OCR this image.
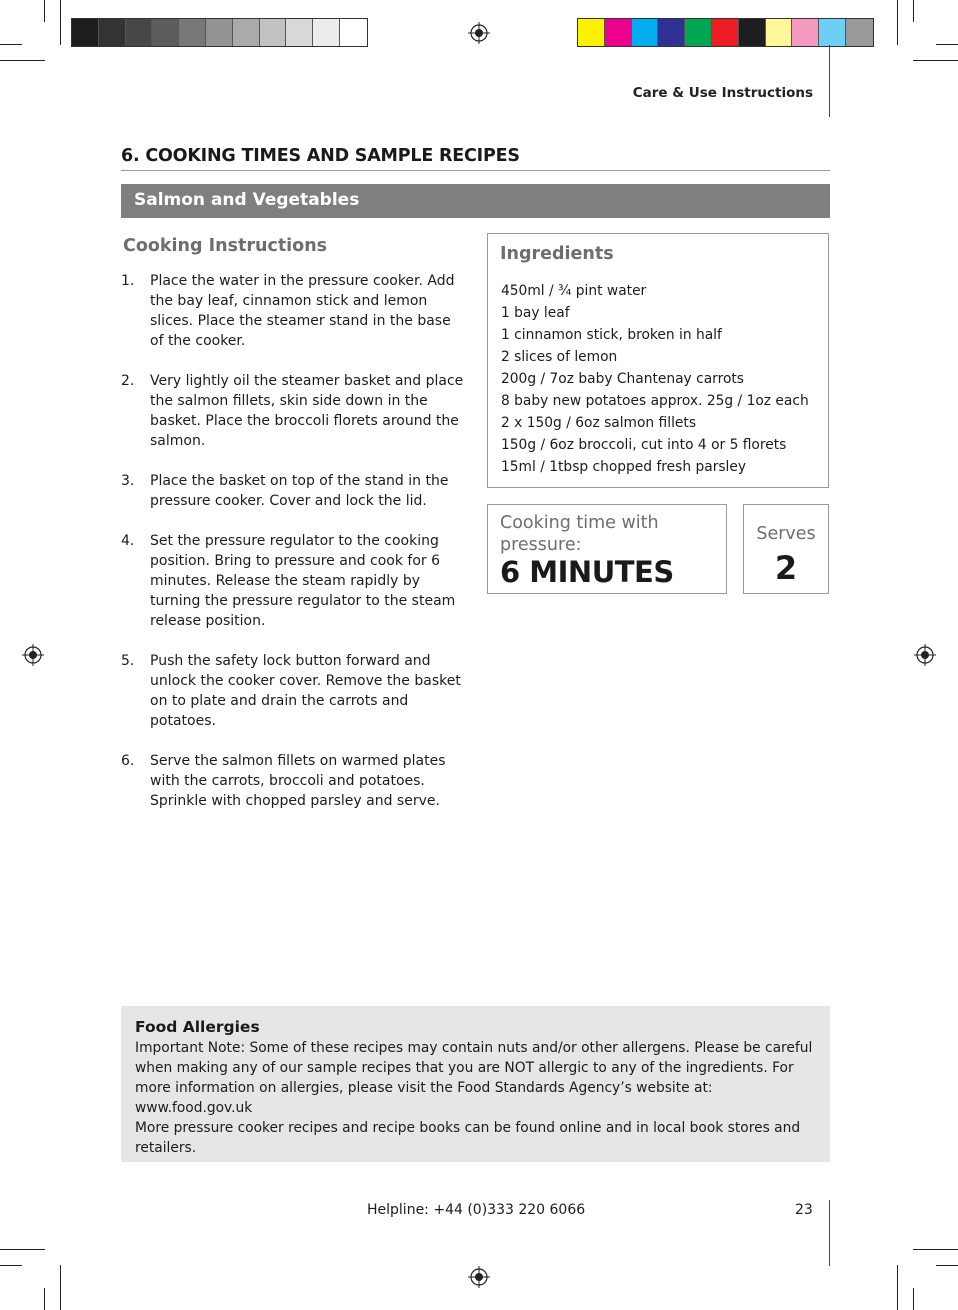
Care & Use Instructions
6. COOKING TIMES AND SAMPLE RECIPES
Salmon and Vegetables
Cooking Instructions
1.	Place the water in the pressure cooker. Add the bay leaf, cinnamon stick and lemon slices. Place the steamer stand in the base of the cooker.
2.	Very lightly oil the steamer basket and place the salmon fillets, skin side down in the basket. Place the broccoli florets around the salmon.
3.	Place the basket on top of the stand in the pressure cooker. Cover and lock the lid.
4.	Set the pressure regulator to the cooking position. Bring to pressure and cook for 6 minutes. Release the steam rapidly by turning the pressure regulator to the steam release position.
5.	Push the safety lock button forward and unlock the cooker cover. Remove the basket on to plate and drain the carrots and potatoes.
6.	Serve the salmon fillets on warmed plates with the carrots, broccoli and potatoes. Sprinkle with chopped parsley and serve.
Ingredients
450ml / ¾ pint water
1 bay leaf
1 cinnamon stick, broken in half
2 slices of lemon
200g / 7oz baby Chantenay carrots
8 baby new potatoes approx. 25g / 1oz each
2 x 150g / 6oz salmon fillets
150g / 6oz broccoli, cut into 4 or 5 florets
15ml / 1tbsp chopped fresh parsley
Cooking time with pressure:
6 MINUTES
Serves
2
Food Allergies

Important Note: Some of these recipes may contain nuts and/or other allergens. Please be careful when making any of our sample recipes that you are NOT allergic to any of the ingredients. For more information on allergies, please visit the Food Standards Agency’s website at: www.food.gov.uk

More pressure cooker recipes and recipe books can be found online and in local book stores and retailers.

Helpline: +44 (0)333 220 6066	23
